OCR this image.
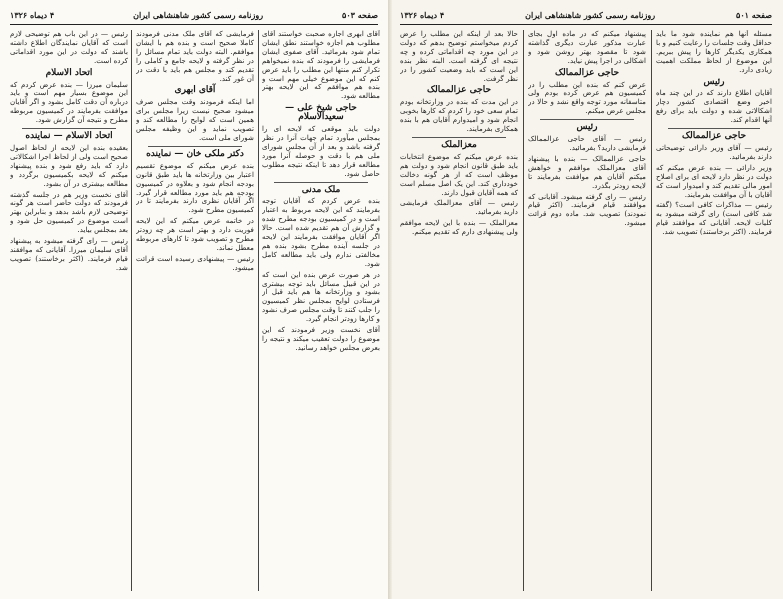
صفحه ۵۰۳
روزنامه رسمی کشور شاهنشاهی ایران
۴ دیماه ۱۳۲۶

آقای ابهری اجازه صحبت خواستند آقای مطلوب هم اجازه خواستند نطق ایشان تمام شود بفرمائید. آقای صفوی ایشان فرمایشی را فرمودند که بنده نمیخواهم تکرار کنم منتها این مطلب را باید عرض کنم که این موضوع خیلی مهم است و بنده هم موافقم که این لایحه بهتر مطالعه شود.

حاجی شیخ علی — سعیدالاسلام

دولت باید موقعی که لایحه ای را بمجلس میآورد تمام جهات آنرا در نظر گرفته باشد و بعد از آن مجلس شورای ملی هم با دقت و حوصله آنرا مورد مطالعه قرار دهد تا اینکه نتیجه مطلوب حاصل شود.

ملک مدنی

بنده عرض کردم که آقایان توجه بفرمایند که این لایحه مربوط به اعتبار است و در کمیسیون بودجه مطرح شده و گزارش آن هم تقدیم شده است. حالا اگر آقایان موافقت بفرمایند این لایحه در جلسه آینده مطرح بشود بنده هم مخالفتی ندارم ولی باید مطالعه کامل شود.

در هر صورت عرض بنده این است که در این قبیل مسائل باید توجه بیشتری بشود و وزارتخانه ها هم باید قبل از فرستادن لوایح بمجلس نظر کمیسیون را جلب کنند تا وقت مجلس صرف نشود و کارها زودتر انجام گیرد.

آقای نخست وزیر فرمودند که این موضوع را دولت تعقیب میکند و نتیجه را بعرض مجلس خواهد رسانید.

فرمایشی که آقای ملک مدنی فرمودند کاملا صحیح است و بنده هم با ایشان موافقم. البته دولت باید تمام مسائل را در نظر گرفته و لایحه جامع و کاملی را تقدیم کند و مجلس هم باید با دقت در آن غور کند.

آقای ابهری

اما اینکه فرمودند وقت مجلس صرف میشود صحیح نیست زیرا مجلس برای همین است که لوایح را مطالعه کند و تصویب نماید و این وظیفه مجلس شورای ملی است.

دکتر ملکی خان — نماینده

بنده عرض میکنم که موضوع تقسیم اعتبار بین وزارتخانه ها باید طبق قانون بودجه انجام شود و بعلاوه در کمیسیون بودجه هم باید مورد مطالعه قرار گیرد. اگر آقایان نظری دارند بفرمایند تا در کمیسیون مطرح شود.

در خاتمه عرض میکنم که این لایحه فوریت دارد و بهتر است هر چه زودتر مطرح و تصویب شود تا کارهای مربوطه معطل نماند.

رئیس — پیشنهادی رسیده است قرائت میشود.

رئیس — در این باب هم توضیحی لازم است که آقایان نمایندگان اطلاع داشته باشند که دولت در این مورد اقداماتی کرده است.

اتحاد الاسلام

سلیمان میرزا — بنده عرض کردم که این موضوع بسیار مهم است و باید درباره آن دقت کامل بشود و اگر آقایان موافقت بفرمایند در کمیسیون مربوطه مطرح و نتیجه آن گزارش شود.

اتحاد الاسلام — نماینده

بعقیده بنده این لایحه از لحاظ اصول صحیح است ولی از لحاظ اجرا اشکالاتی دارد که باید رفع شود و بنده پیشنهاد میکنم که لایحه بکمیسیون برگردد و مطالعه بیشتری در آن بشود.

آقای نخست وزیر هم در جلسه گذشته فرمودند که دولت حاضر است هر گونه توضیحی لازم باشد بدهد و بنابراین بهتر است موضوع در کمیسیون حل شود و بعد بمجلس بیاید.

رئیس — رای گرفته میشود به پیشنهاد آقای سلیمان میرزا. آقایانی که موافقند قیام فرمایند. (اکثر برخاستند) تصویب شد.

صفحه ۵۰۱
روزنامه رسمی کشور شاهنشاهی ایران
۴ دیماه ۱۳۲۶

حالا بعد از اینکه این مطلب را عرض کردم میخواستم توضیح بدهم که دولت در این مورد چه اقداماتی کرده و چه نتیجه ای گرفته است. البته نظر بنده این است که باید وضعیت کشور را در نظر گرفت.

حاجی عزالممالک

در این مدت که بنده در وزارتخانه بودم تمام سعی خود را کردم که کارها بخوبی انجام شود و امیدوارم آقایان هم با بنده همکاری بفرمایند.

معزالملک

بنده عرض میکنم که موضوع انتخابات باید طبق قانون انجام شود و دولت هم موظف است که از هر گونه دخالت خودداری کند. این یک اصل مسلم است که همه آقایان قبول دارند.

رئیس — آقای معزالملک فرمایشی دارید بفرمائید.

معزالملک — بنده با این لایحه موافقم ولی پیشنهادی دارم که تقدیم میکنم.

پیشنهاد میکنم که در ماده اول بجای عبارت مذکور عبارت دیگری گذاشته شود تا مقصود بهتر روشن شود و اشکالی در اجرا پیش نیاید.

حاجی عزالممالک

عرض کنم که بنده این مطلب را در کمیسیون هم عرض کرده بودم ولی متاسفانه مورد توجه واقع نشد و حالا در مجلس عرض میکنم.

رئیس

رئیس — آقای حاجی عزالممالک فرمایشی دارید؟ بفرمائید.

حاجی عزالممالک — بنده با پیشنهاد آقای معزالملک موافقم و خواهش میکنم آقایان هم موافقت بفرمایند تا لایحه زودتر بگذرد.

رئیس — رای گرفته میشود. آقایانی که موافقند قیام فرمایند. (اکثر قیام نمودند) تصویب شد. ماده دوم قرائت میشود.

مسئله آنها هم نماینده شود ما باید حداقل وقت جلسات را رعایت کنیم و با همکاری یکدیگر کارها را پیش ببریم. این موضوع از لحاظ مملکت اهمیت زیادی دارد.

رئیس

آقایان اطلاع دارند که در این چند ماه اخیر وضع اقتصادی کشور دچار اشکالاتی شده و دولت باید برای رفع آنها اقدام کند.

حاجی عزالممالک

رئیس — آقای وزیر دارائی توضیحاتی دارند بفرمائید.

وزیر دارائی — بنده عرض میکنم که دولت در نظر دارد لایحه ای برای اصلاح امور مالی تقدیم کند و امیدوار است که آقایان با آن موافقت بفرمایند.

رئیس — مذاکرات کافی است؟ (گفته شد کافی است) رای گرفته میشود به کلیات لایحه. آقایانی که موافقند قیام فرمایند. (اکثر برخاستند) تصویب شد.
